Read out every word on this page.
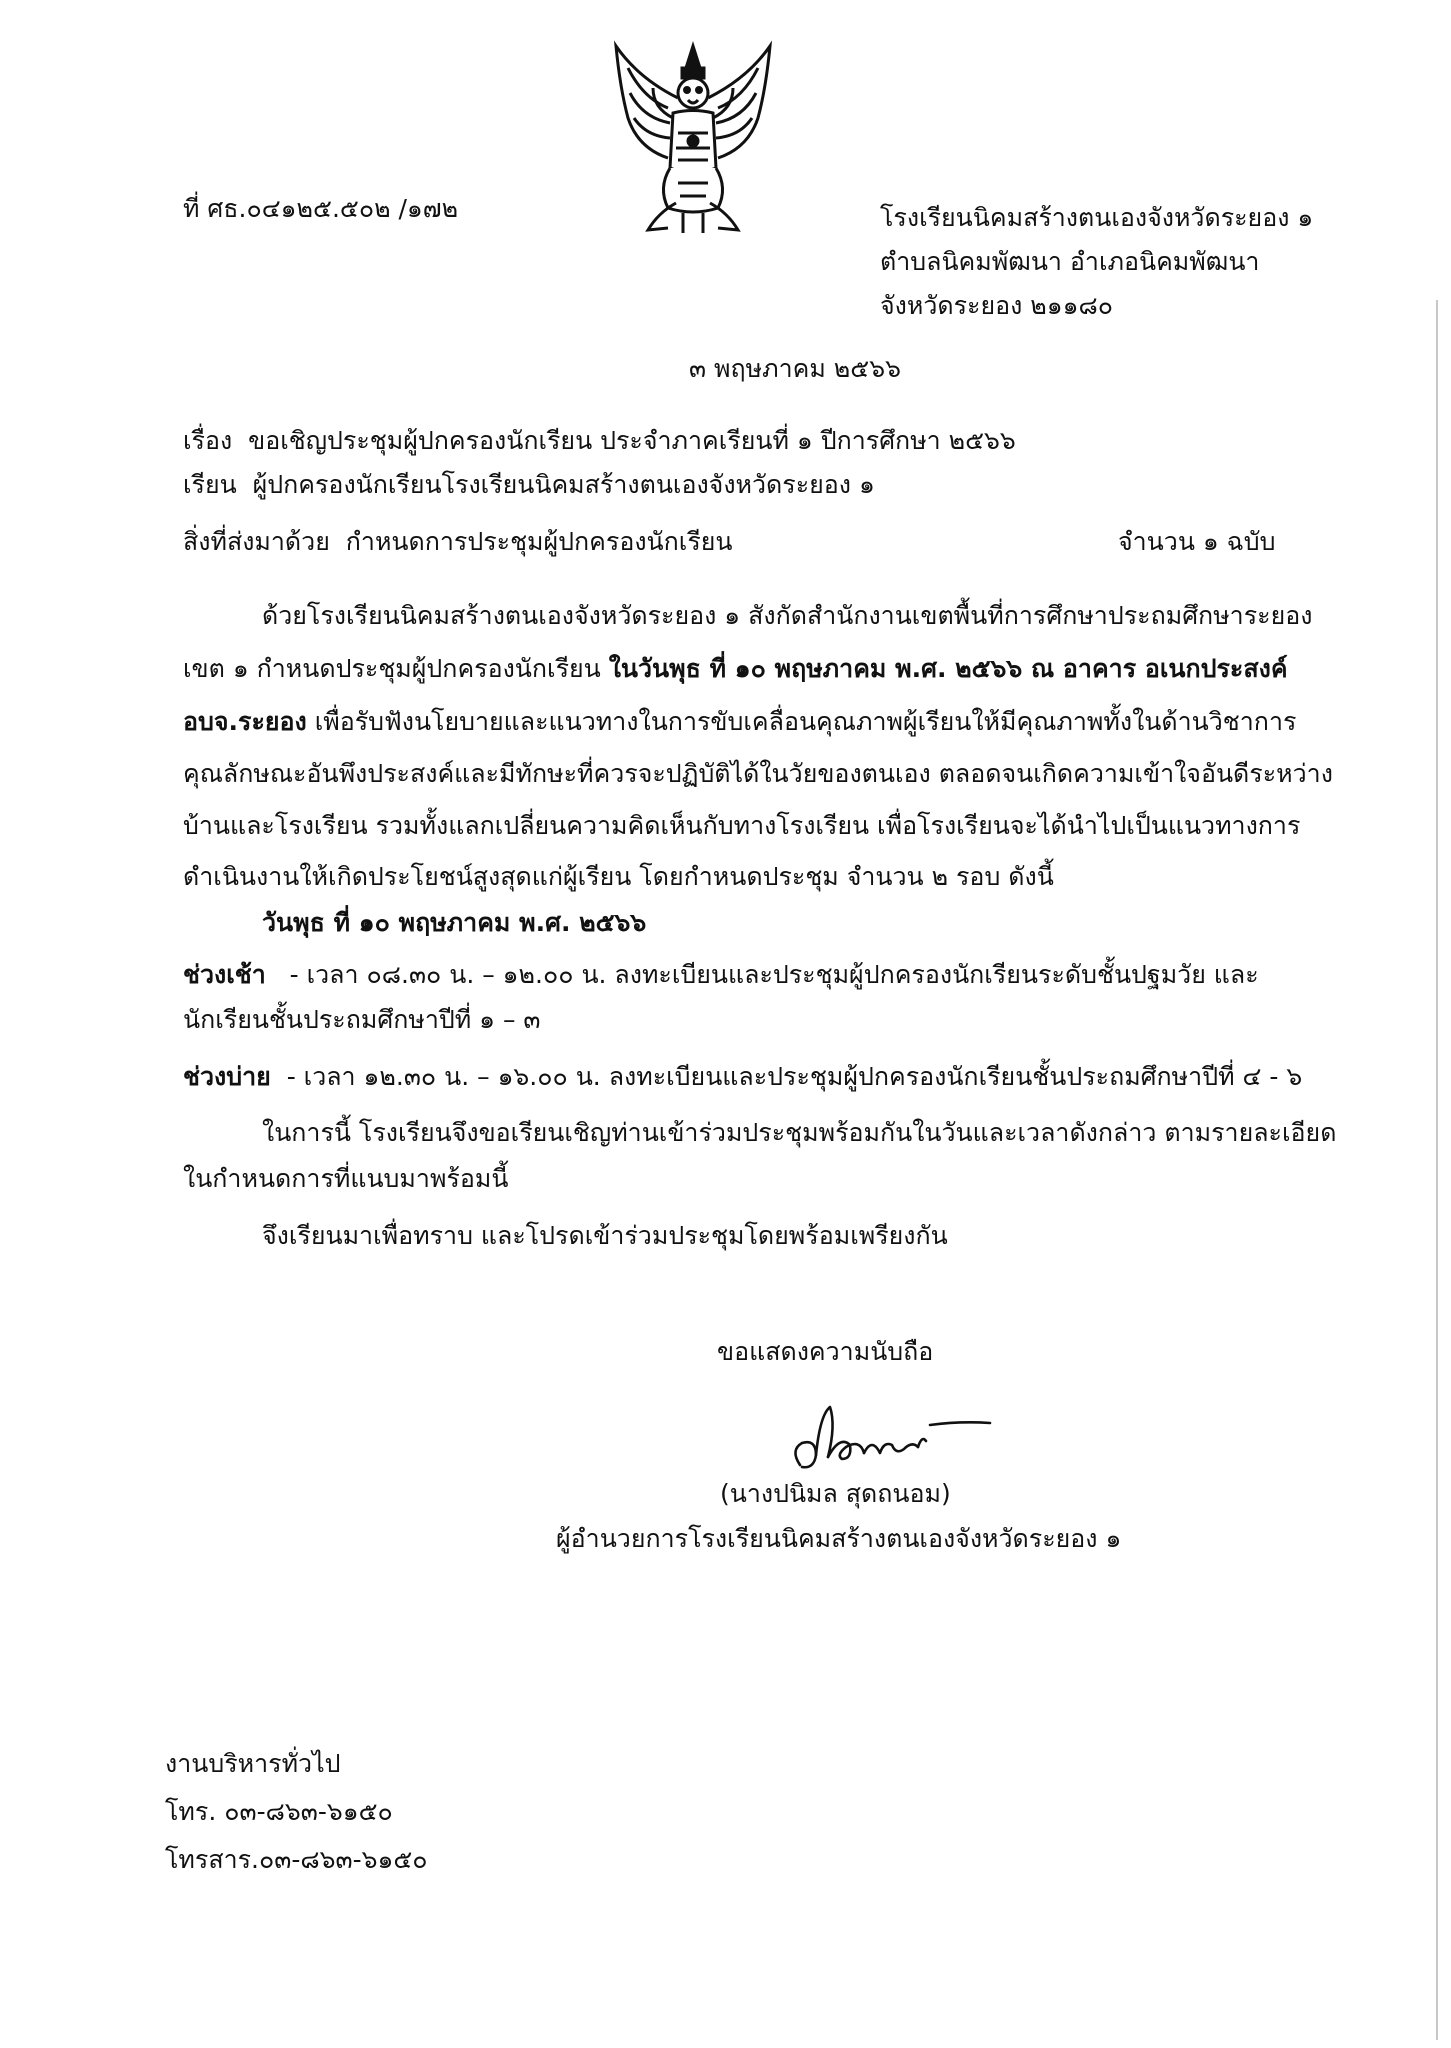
ที่ ศธ.๐๔๑๒๕.๕๐๒ /๑๗๒	โรงเรียนนิคมสร้างตนเองจังหวัดระยอง ๑
ตำบลนิคมพัฒนา อำเภอนิคมพัฒนา
จังหวัดระยอง ๒๑๑๘๐
๓ พฤษภาคม ๒๕๖๖
เรื่อง ขอเชิญประชุมผู้ปกครองนักเรียน ประจำภาคเรียนที่ ๑ ปีการศึกษา ๒๕๖๖
เรียน ผู้ปกครองนักเรียนโรงเรียนนิคมสร้างตนเองจังหวัดระยอง ๑
สิ่งที่ส่งมาด้วย กำหนดการประชุมผู้ปกครองนักเรียน	จำนวน ๑ ฉบับ
ด้วยโรงเรียนนิคมสร้างตนเองจังหวัดระยอง ๑ สังกัดสำนักงานเขตพื้นที่การศึกษาประถมศึกษาระยอง
เขต ๑ กำหนดประชุมผู้ปกครองนักเรียน ในวันพุธ ที่ ๑๐ พฤษภาคม พ.ศ. ๒๕๖๖ ณ อาคาร อเนกประสงค์
อบจ.ระยอง เพื่อรับฟังนโยบายและแนวทางในการขับเคลื่อนคุณภาพผู้เรียนให้มีคุณภาพทั้งในด้านวิชาการ
คุณลักษณะอันพึงประสงค์และมีทักษะที่ควรจะปฏิบัติได้ในวัยของตนเอง ตลอดจนเกิดความเข้าใจอันดีระหว่าง
บ้านและโรงเรียน รวมทั้งแลกเปลี่ยนความคิดเห็นกับทางโรงเรียน เพื่อโรงเรียนจะได้นำไปเป็นแนวทางการ
ดำเนินงานให้เกิดประโยชน์สูงสุดแก่ผู้เรียน โดยกำหนดประชุม จำนวน ๒ รอบ ดังนี้
วันพุธ ที่ ๑๐ พฤษภาคม พ.ศ. ๒๕๖๖
ช่วงเช้า - เวลา ๐๘.๓๐ น. – ๑๒.๐๐ น. ลงทะเบียนและประชุมผู้ปกครองนักเรียนระดับชั้นปฐมวัย และ
นักเรียนชั้นประถมศึกษาปีที่ ๑ – ๓
ช่วงบ่าย - เวลา ๑๒.๓๐ น. – ๑๖.๐๐ น. ลงทะเบียนและประชุมผู้ปกครองนักเรียนชั้นประถมศึกษาปีที่ ๔ - ๖
ในการนี้ โรงเรียนจึงขอเรียนเชิญท่านเข้าร่วมประชุมพร้อมกันในวันและเวลาดังกล่าว ตามรายละเอียด
ในกำหนดการที่แนบมาพร้อมนี้
จึงเรียนมาเพื่อทราบ และโปรดเข้าร่วมประชุมโดยพร้อมเพรียงกัน
ขอแสดงความนับถือ
(นางปนิมล สุดถนอม)
ผู้อำนวยการโรงเรียนนิคมสร้างตนเองจังหวัดระยอง ๑
งานบริหารทั่วไป
โทร. ๐๓-๘๖๓-๖๑๕๐
โทรสาร.๐๓-๘๖๓-๖๑๕๐
